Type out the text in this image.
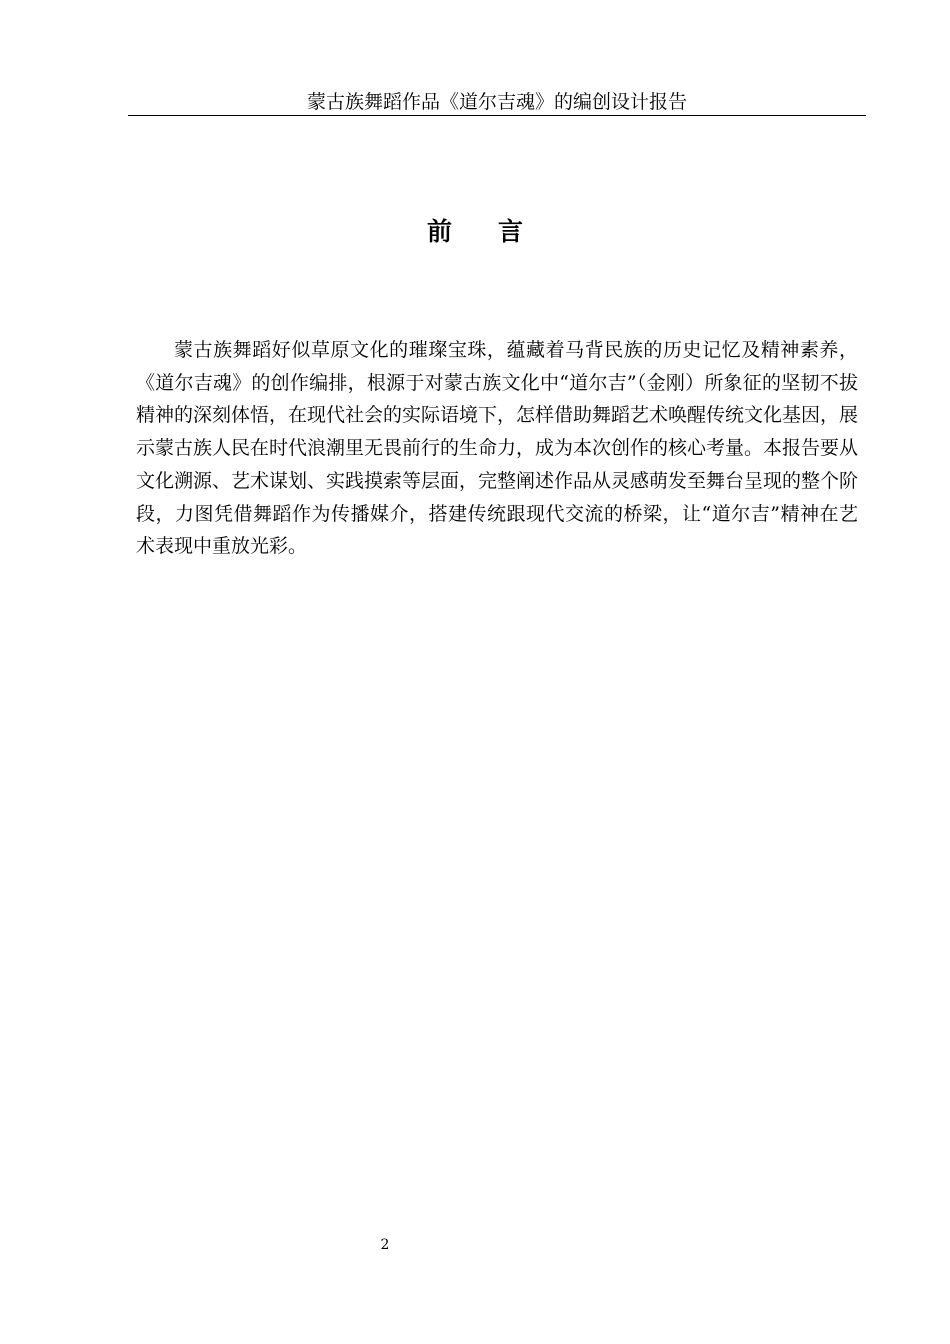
蒙古族舞蹈作品《道尔吉魂》的编创设计报告
前言

蒙古族舞蹈好似草原文化的璀璨宝珠，蕴藏着马背民族的历史记忆及精神素养，《道尔吉魂》的创作编排，根源于对蒙古族文化中“道尔吉”（金刚）所象征的坚韧不拔精神的深刻体悟，在现代社会的实际语境下，怎样借助舞蹈艺术唤醒传统文化基因，展示蒙古族人民在时代浪潮里无畏前行的生命力，成为本次创作的核心考量。本报告要从文化溯源、艺术谋划、实践摸索等层面，完整阐述作品从灵感萌发至舞台呈现的整个阶段，力图凭借舞蹈作为传播媒介，搭建传统跟现代交流的桥梁，让“道尔吉”精神在艺术表现中重放光彩。

2
